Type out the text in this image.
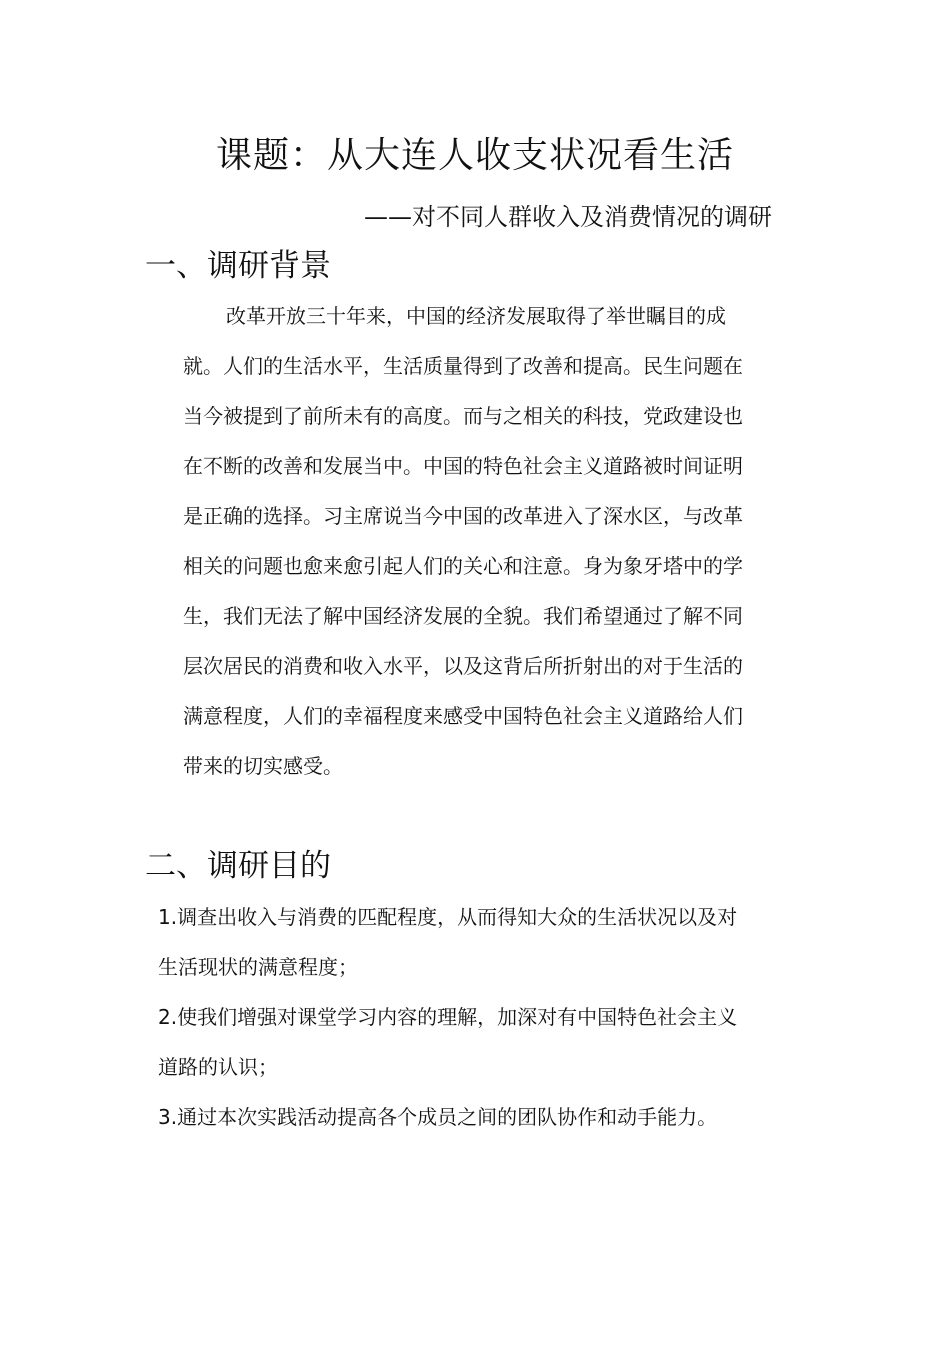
课题：从大连人收支状况看生活
——对不同人群收入及消费情况的调研
一、调研背景
改革开放三十年来，中国的经济发展取得了举世瞩目的成
就。人们的生活水平，生活质量得到了改善和提高。民生问题在
当今被提到了前所未有的高度。而与之相关的科技，党政建设也
在不断的改善和发展当中。中国的特色社会主义道路被时间证明
是正确的选择。习主席说当今中国的改革进入了深水区，与改革
相关的问题也愈来愈引起人们的关心和注意。身为象牙塔中的学
生，我们无法了解中国经济发展的全貌。我们希望通过了解不同
层次居民的消费和收入水平，以及这背后所折射出的对于生活的
满意程度，人们的幸福程度来感受中国特色社会主义道路给人们
带来的切实感受。
二、调研目的
1.调查出收入与消费的匹配程度，从而得知大众的生活状况以及对
生活现状的满意程度；
2.使我们增强对课堂学习内容的理解，加深对有中国特色社会主义
道路的认识；
3.通过本次实践活动提高各个成员之间的团队协作和动手能力。
